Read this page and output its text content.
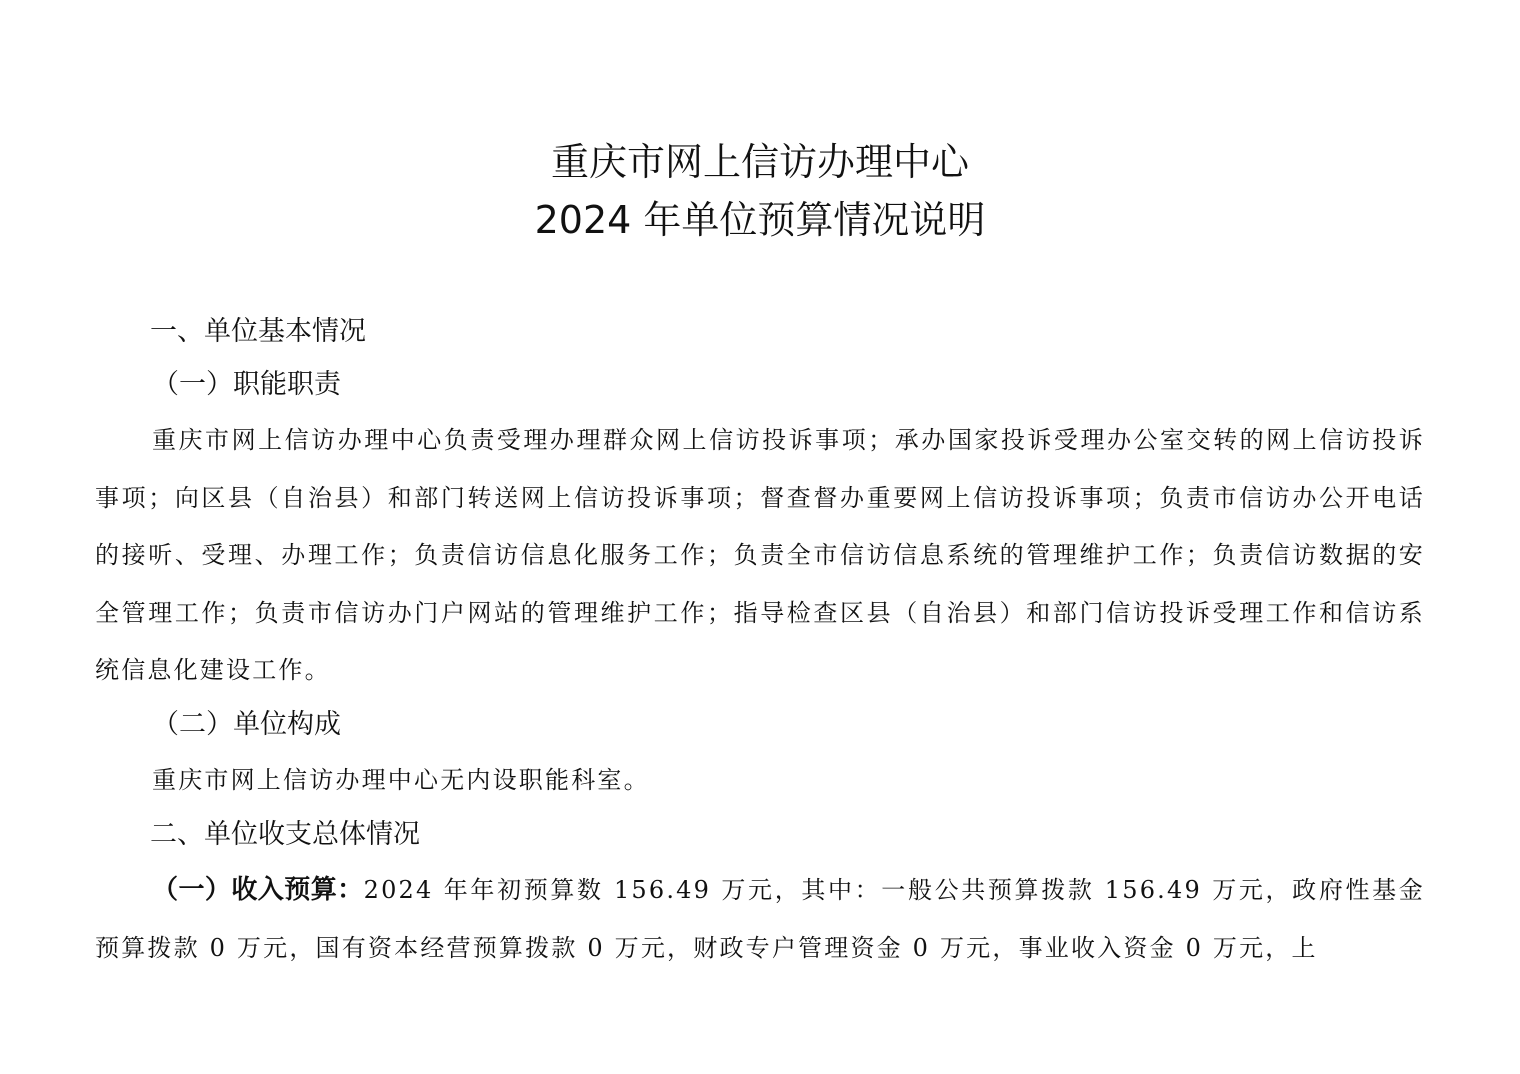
重庆市网上信访办理中心
2024 年单位预算情况说明
一、单位基本情况
（一）职能职责
重庆市网上信访办理中心负责受理办理群众网上信访投诉事项；承办国家投诉受理办公室交转的网上信访投诉事项；向区县（自治县）和部门转送网上信访投诉事项；督查督办重要网上信访投诉事项；负责市信访办公开电话的接听、受理、办理工作；负责信访信息化服务工作；负责全市信访信息系统的管理维护工作；负责信访数据的安全管理工作；负责市信访办门户网站的管理维护工作；指导检查区县（自治县）和部门信访投诉受理工作和信访系统信息化建设工作。
（二）单位构成
重庆市网上信访办理中心无内设职能科室。
二、单位收支总体情况
（一）收入预算：2024 年年初预算数 156.49 万元，其中：一般公共预算拨款 156.49 万元，政府性基金预算拨款 0 万元，国有资本经营预算拨款 0 万元，财政专户管理资金 0 万元，事业收入资金 0 万元，上
